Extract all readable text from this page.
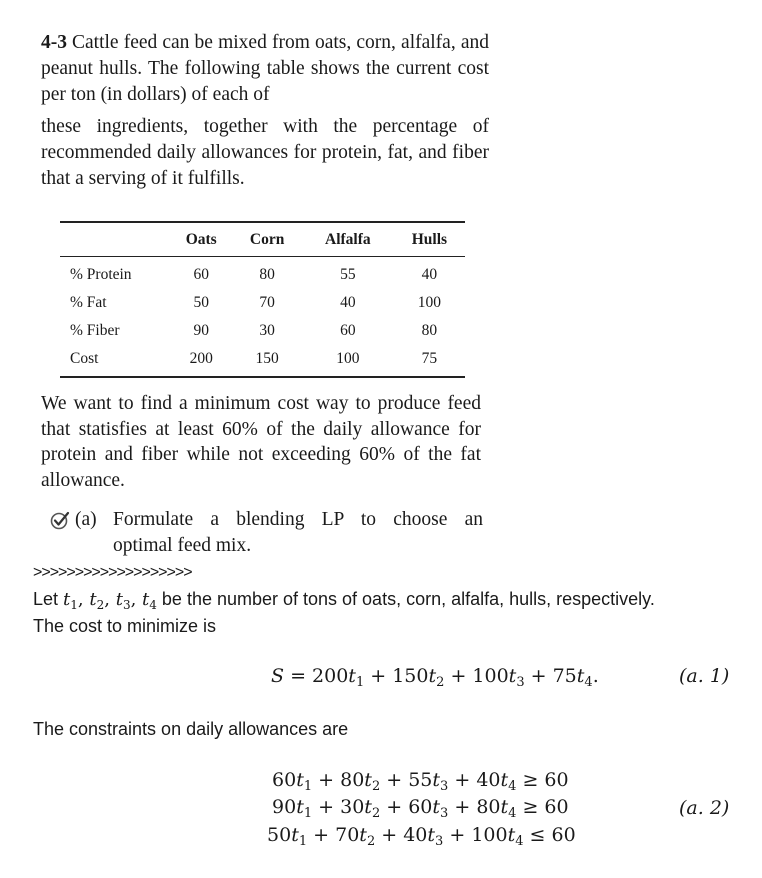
4-3 Cattle feed can be mixed from oats, corn, alfalfa, and peanut hulls. The following table shows the current cost per ton (in dollars) of each of

these ingredients, together with the percentage of recommended daily allowances for protein, fat, and fiber that a serving of it fulfills.

	Oats	Corn	Alfalfa	Hulls
% Protein	60	80	55	40
% Fat	50	70	40	100
% Fiber	90	30	60	80
Cost	200	150	100	75

We want to find a minimum cost way to produce feed that statisfies at least 60% of the daily allowance for protein and fiber while not exceeding 60% of the fat allowance.

(a) Formulate a blending LP to choose an
optimal feed mix.
>>>>>>>>>>>>>>>>>>>

Let $t_1$, $t_2$, $t_3$, $t_4$ be the number of tons of oats, corn, alfalfa, hulls, respectively.

The cost to minimize is

$S = 200t_1 + 150t_2 + 100t_3 + 75t_4$.	(a. 1)
The constraints on daily allowances are
$60t_1 + 80t_2 + 55t_3 + 40t_4 \ge 60$
$90t_1 + 30t_2 + 60t_3 + 80t_4 \ge 60$
$50t_1 + 70t_2 + 40t_3 + 100t_4 \le 60$
(a. 2)
